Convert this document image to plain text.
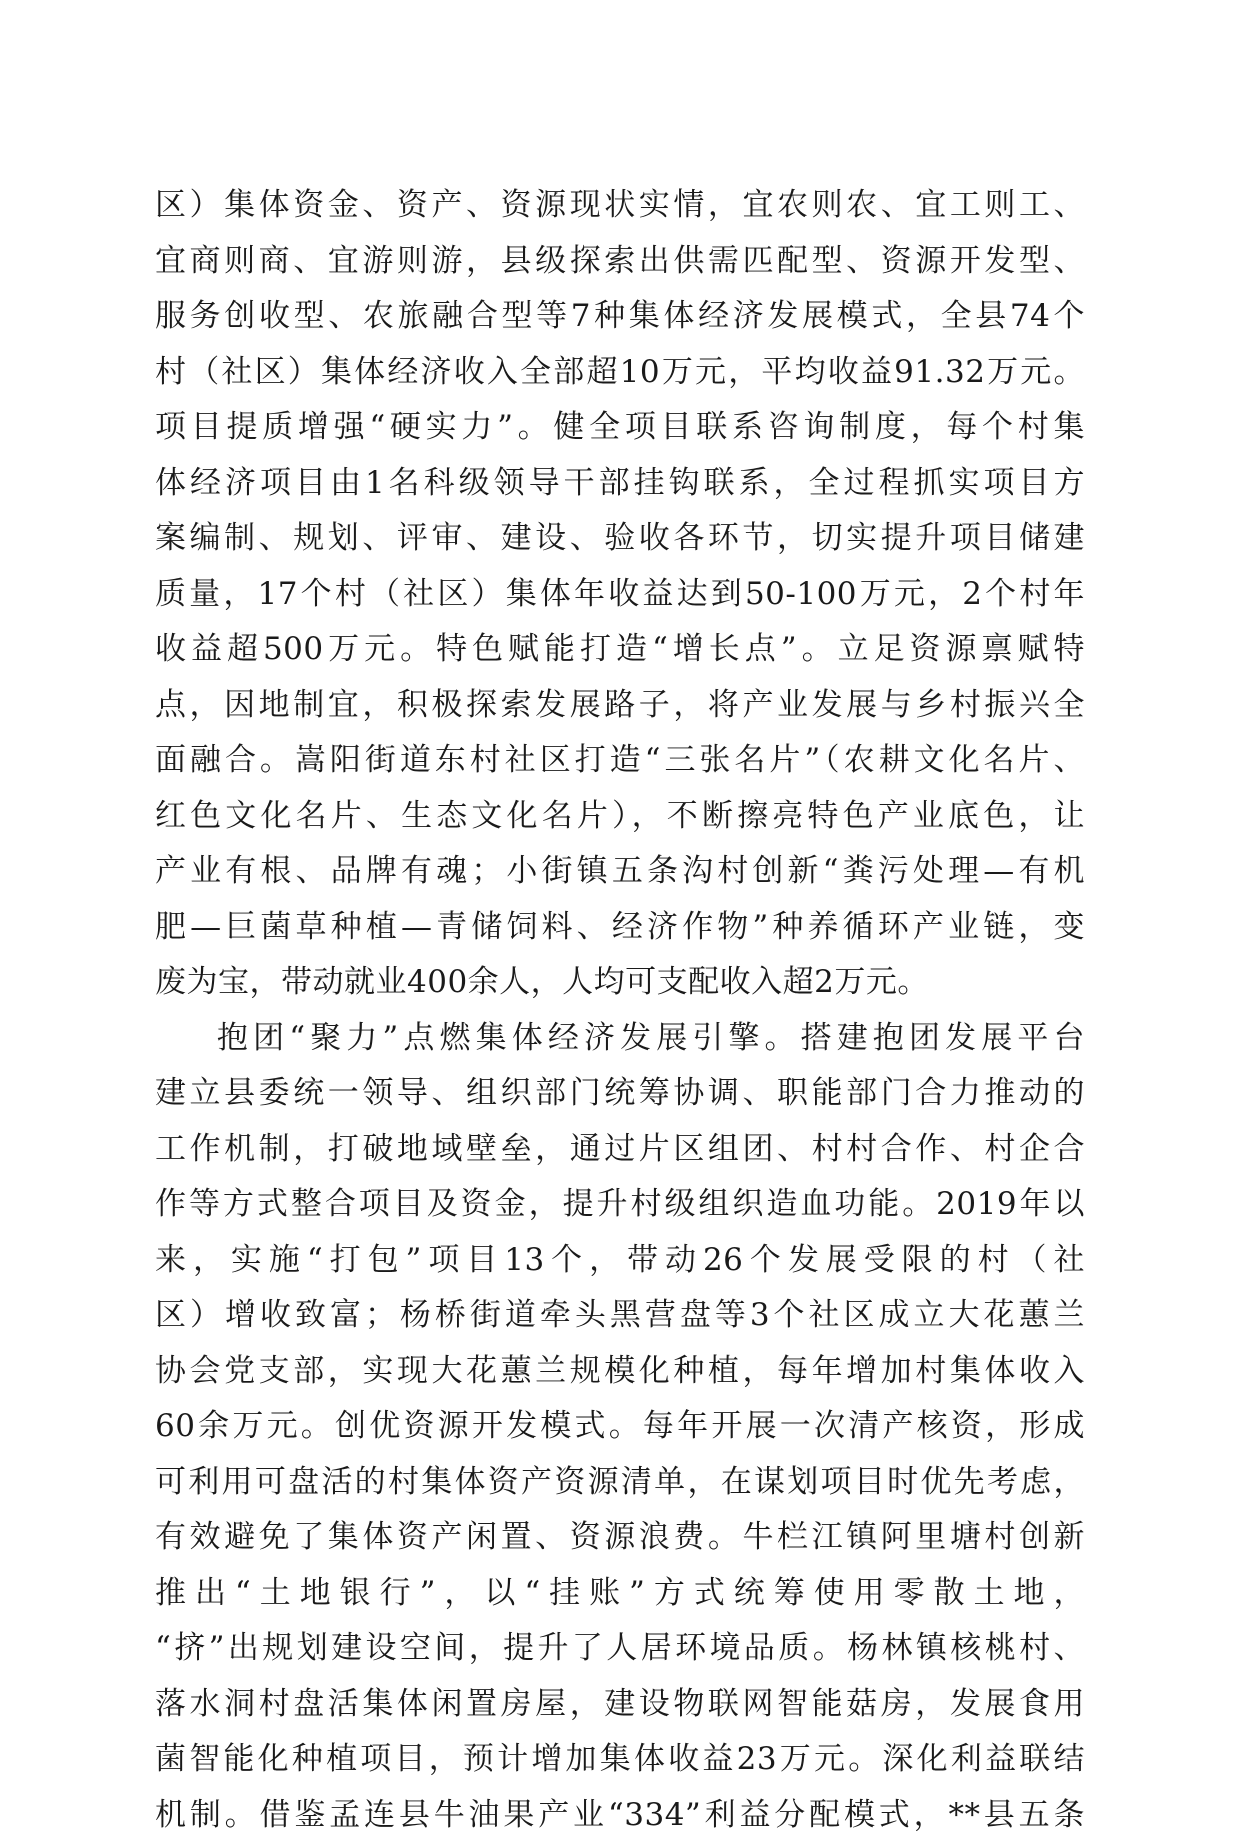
区）集体资金、资产、资源现状实情，宜农则农、宜工则工、
宜商则商、宜游则游，县级探索出供需匹配型、资源开发型、
服务创收型、农旅融合型等7种集体经济发展模式，全县74个
村（社区）集体经济收入全部超10万元，平均收益91.32万元。
项目提质增强“硬实力”。健全项目联系咨询制度，每个村集
体经济项目由1名科级领导干部挂钩联系，全过程抓实项目方
案编制、规划、评审、建设、验收各环节，切实提升项目储建
质量，17个村（社区）集体年收益达到50-100万元，2个村年
收益超500万元。特色赋能打造“增长点”。立足资源禀赋特
点，因地制宜，积极探索发展路子，将产业发展与乡村振兴全
面融合。嵩阳街道东村社区打造“三张名片”（农耕文化名片、
红色文化名片、生态文化名片），不断擦亮特色产业底色，让
产业有根、品牌有魂；小街镇五条沟村创新“粪污处理—有机
肥—巨菌草种植—青储饲料、经济作物”种养循环产业链，变
废为宝，带动就业400余人，人均可支配收入超2万元。
抱团“聚力”点燃集体经济发展引擎。搭建抱团发展平台
建立县委统一领导、组织部门统筹协调、职能部门合力推动的
工作机制，打破地域壁垒，通过片区组团、村村合作、村企合
作等方式整合项目及资金，提升村级组织造血功能。2019年以
来，实施“打包”项目13个，带动26个发展受限的村（社
区）增收致富；杨桥街道牵头黑营盘等3个社区成立大花蕙兰
协会党支部，实现大花蕙兰规模化种植，每年增加村集体收入
60余万元。创优资源开发模式。每年开展一次清产核资，形成
可利用可盘活的村集体资产资源清单，在谋划项目时优先考虑，
有效避免了集体资产闲置、资源浪费。牛栏江镇阿里塘村创新
推出“土地银行”，以“挂账”方式统筹使用零散土地，
“挤”出规划建设空间，提升了人居环境品质。杨林镇核桃村、
落水洞村盘活集体闲置房屋，建设物联网智能菇房，发展食用
菌智能化种植项目，预计增加集体收益23万元。深化利益联结
机制。借鉴孟连县牛油果产业“334”利益分配模式，**县五条
